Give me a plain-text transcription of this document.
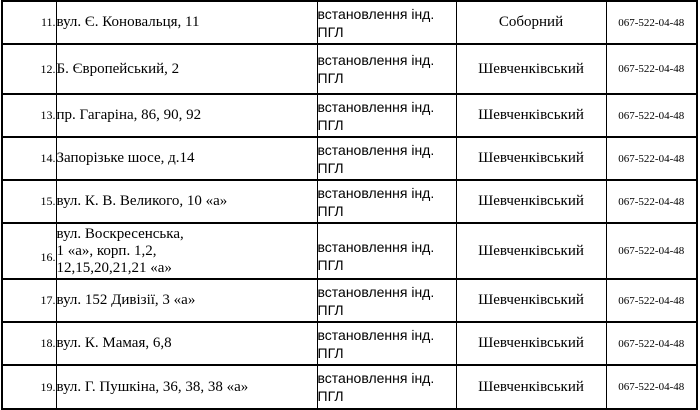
11.	вул. Є. Коновальця, 11	встановлення інд.
ПГЛ	Соборний	067-522-04-48
12.	Б. Європейський, 2	встановлення інд.
ПГЛ	Шевченківський	067-522-04-48
13.	пр. Гагаріна, 86, 90, 92	встановлення інд.
ПГЛ	Шевченківський	067-522-04-48
14.	Запорізьке шосе, д.14	встановлення інд.
ПГЛ	Шевченківський	067-522-04-48
15.	вул. К. В. Великого, 10 «а»	встановлення інд.
ПГЛ	Шевченківський	067-522-04-48
16.	вул. Воскресенська,
1 «а», корп. 1,2,
12,15,20,21,21 «а»	встановлення інд.
ПГЛ	Шевченківський	067-522-04-48
17.	вул. 152 Дивізії, 3 «а»	встановлення інд.
ПГЛ	Шевченківський	067-522-04-48
18.	вул. К. Мамая, 6,8	встановлення інд.
ПГЛ	Шевченківський	067-522-04-48
19.	вул. Г. Пушкіна, 36, 38, 38 «а»	встановлення інд.
ПГЛ	Шевченківський	067-522-04-48
